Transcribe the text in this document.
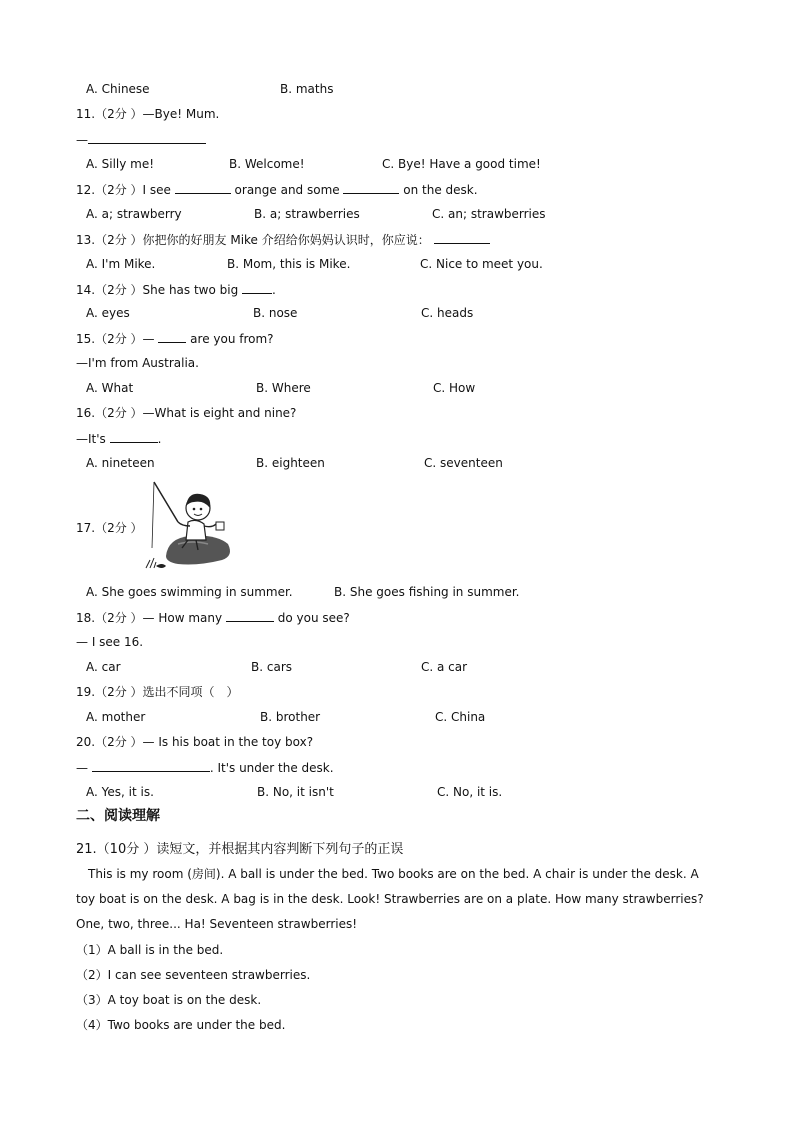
A. Chinese	B. maths
11.（2分 ）—Bye! Mum.
—
A. Silly me!	B. Welcome!	C. Bye! Have a good time!
12.（2分 ）I see	orange and some	on the desk.
A. a; strawberry	B. a; strawberries	C. an; strawberries
13.（2分 ）你把你的好朋友 Mike 介绍给你妈妈认识时，你应说：
A. I'm Mike.	B. Mom, this is Mike.	C. Nice to meet you.
14.（2分 ）She has two big	.
A. eyes	B. nose	C. heads
15.（2分 ）—  are you from?
—I'm from Australia.
A. What	B. Where	C. How
16.（2分 ）—What is eight and nine?
—It's	.
A. nineteen	B. eighteen	C. seventeen
17.（2分 ）
A. She goes swimming in summer.	B. She goes fishing in summer.
18.（2分 ）— How many	do you see?
— I see 16.
A. car	B. cars	C. a car
19.（2分 ）选出不同项（　）
A. mother	B. brother	C. China
20.（2分 ）— Is his boat in the toy box?
—	. It's under the desk.
A. Yes, it is.	B. No, it isn't	C. No, it is.
二、阅读理解
21.（10分 ）读短文，并根据其内容判断下列句子的正误
This is my room (房间). A ball is under the bed. Two books are on the bed. A chair is under the desk. A toy boat is on the desk. A bag is in the desk. Look! Strawberries are on a plate. How many strawberries? One, two, three... Ha! Seventeen strawberries!
（1）A ball is in the bed.
（2）I can see seventeen strawberries.
（3）A toy boat is on the desk.
（4）Two books are under the bed.
